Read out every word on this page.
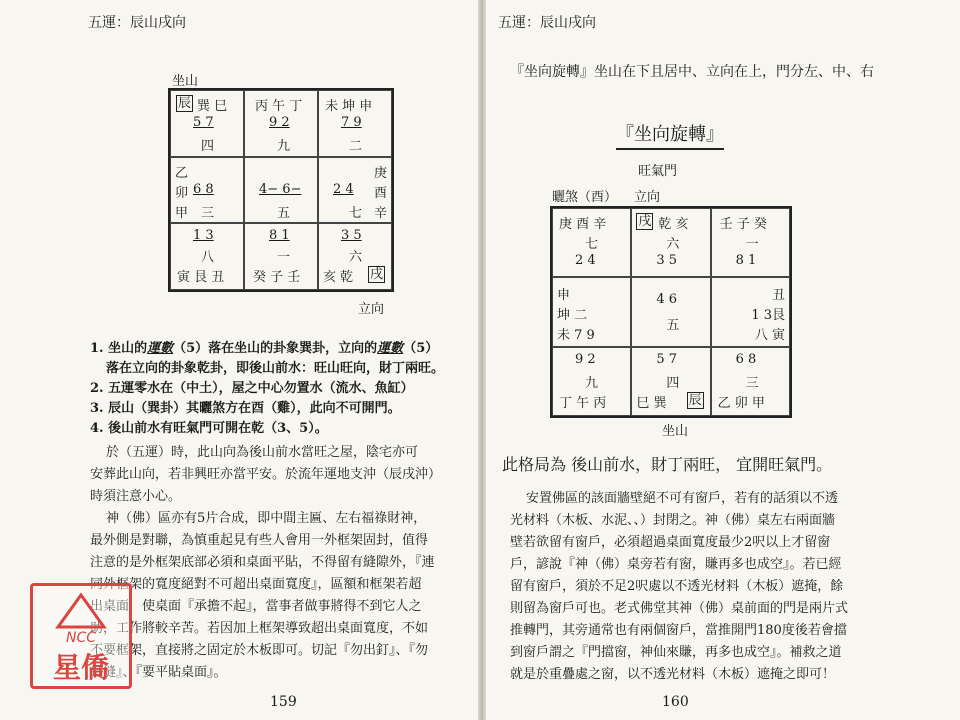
五運：辰山戌向
坐山
辰 巽 巳
5 7
四
丙 午 丁
9 2
九
未 坤 申
7 9
二
乙
卯
甲
6 8
三
4− 6−
五
庚
酉
辛
2 4
七
1 3
八
寅 艮 丑
8 1
一
癸 子 壬
3 5
六
亥 乾 戌
立向
1. 坐山的運數（5）落在坐山的卦象巽卦，立向的運數（5）
落在立向的卦象乾卦，即後山前水：旺山旺向，財丁兩旺。
2. 五運零水在（中土），屋之中心勿置水（流水、魚缸）
3. 辰山（巽卦）其曬煞方在酉（雞），此向不可開門。
4. 後山前水有旺氣門可開在乾（3、5）。
於（五運）時，此山向為後山前水當旺之屋，陰宅亦可
安葬此山向，若非興旺亦當平安。於流年運地支沖（辰戌沖）
時須注意小心。
神（佛）區亦有5片合成，即中間主匾、左右福祿財神，
最外側是對聯，為慎重起見有些人會用一外框架固封，值得
注意的是外框架底部必須和桌面平貼，不得留有縫隙外，『連
同外框架的寬度絕對不可超出桌面寬度』，區額和框架若超
出桌面，使桌面『承擔不起』，當事者做事將得不到它人之
助，工作將較辛苦。若因加上框架導致超出桌面寬度，不如
不要框架，直接將之固定於木板即可。切記『勿出釘』、『勿
釘縫』、『要平貼桌面』。
159
五運：辰山戌向
『坐向旋轉』坐山在下且居中、立向在上，門分左、中、右
『坐向旋轉』
旺氣門
曬煞（酉） 立向
庚 酉 辛
七
2 4
戌 乾 亥
六
3 5
壬 子 癸
一
8 1
申
坤 二
未 7 9
4 6
五
丑
1 3艮
八 寅
9 2
九
丁 午 丙
5 7
四
巳 巽 辰
6 8
三
乙 卯 甲
坐山
此格局為 後山前水，財丁兩旺， 宜開旺氣門。
安置佛區的該面牆壁絕不可有窗戶，若有的話須以不透
光材料（木板、水泥、、）封閉之。神（佛）桌左右兩面牆
壁若欲留有窗戶，必須超過桌面寬度最少2呎以上才留窗
戶，諺說『神（佛）桌旁若有窗，賺再多也成空』。若已經
留有窗戶，須於不足2呎處以不透光材料（木板）遮掩，餘
則留為窗戶可也。老式佛堂其神（佛）桌前面的門是兩片式
推轉門，其旁通常也有兩個窗戶，當推開門180度後若會擋
到窗戶謂之『門擋窗，神仙來賺，再多也成空』。補救之道
就是於重疊處之窗，以不透光材料（木板）遮掩之即可！
160
NCC
星僑
